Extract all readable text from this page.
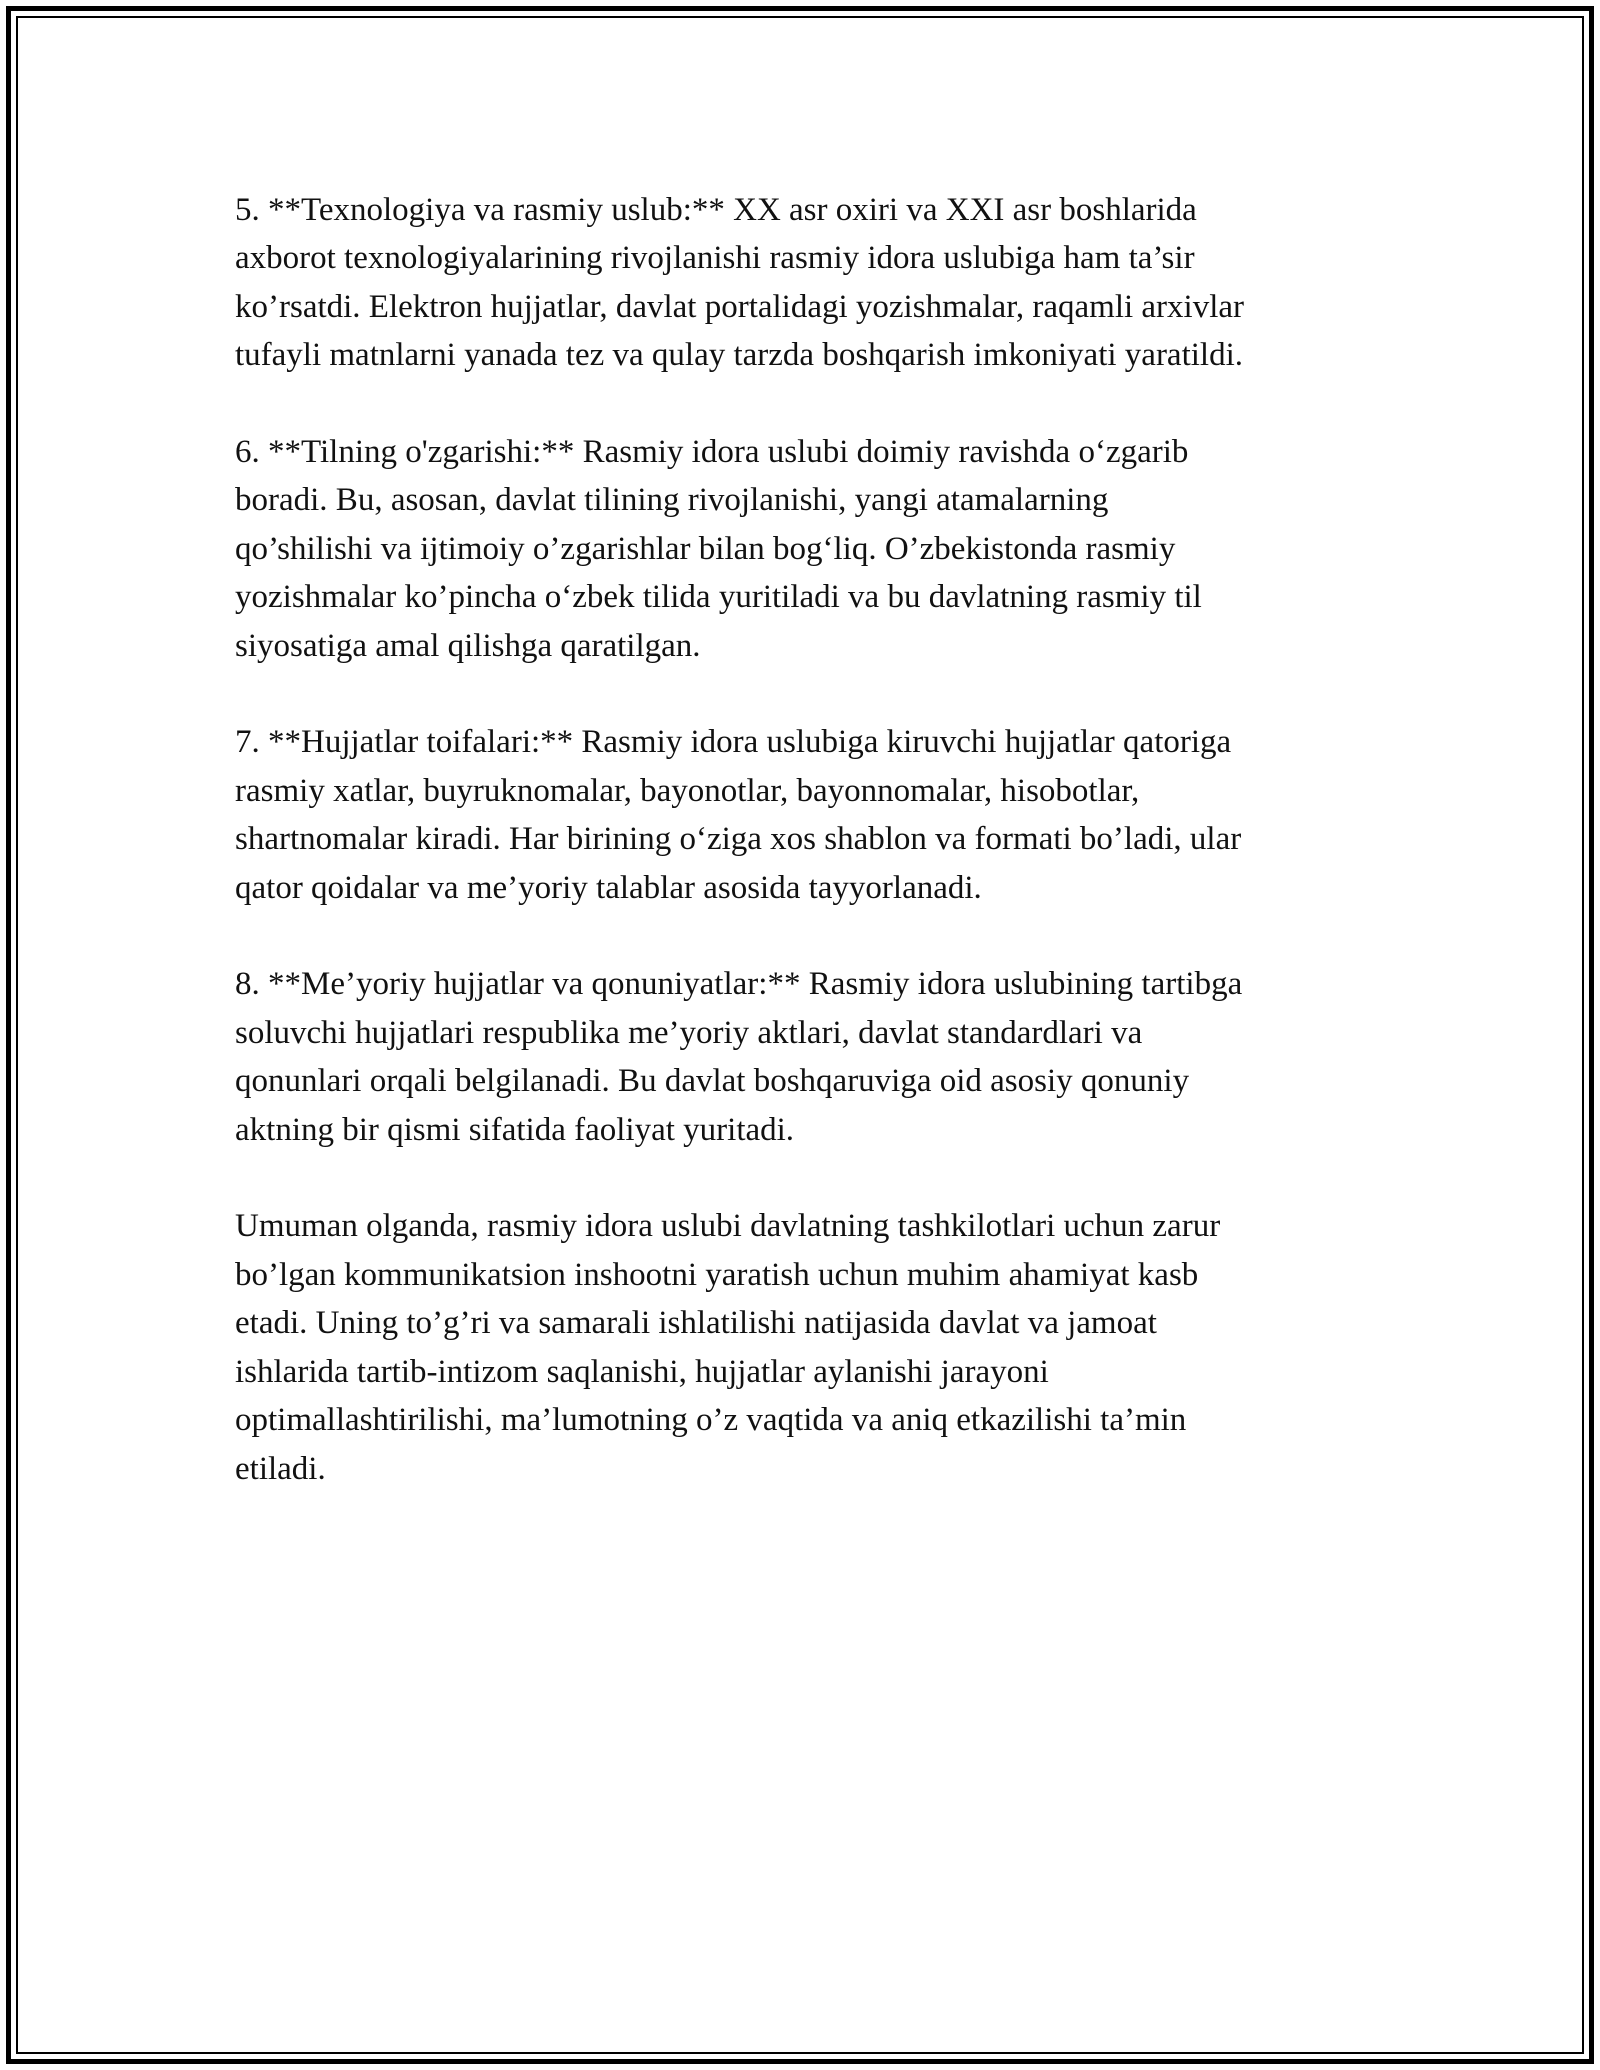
5. **Texnologiya va rasmiy uslub:** XX asr oxiri va XXI asr boshlarida
axborot texnologiyalarining rivojlanishi rasmiy idora uslubiga ham ta’sir
ko’rsatdi. Elektron hujjatlar, davlat portalidagi yozishmalar, raqamli arxivlar
tufayli matnlarni yanada tez va qulay tarzda boshqarish imkoniyati yaratildi.

6. **Tilning o'zgarishi:** Rasmiy idora uslubi doimiy ravishda o‘zgarib
boradi. Bu, asosan, davlat tilining rivojlanishi, yangi atamalarning
qo’shilishi va ijtimoiy o’zgarishlar bilan bog‘liq. O’zbekistonda rasmiy
yozishmalar ko’pincha o‘zbek tilida yuritiladi va bu davlatning rasmiy til
siyosatiga amal qilishga qaratilgan.

7. **Hujjatlar toifalari:** Rasmiy idora uslubiga kiruvchi hujjatlar qatoriga
rasmiy xatlar, buyruknomalar, bayonotlar, bayonnomalar, hisobotlar,
shartnomalar kiradi. Har birining o‘ziga xos shablon va formati bo’ladi, ular
qator qoidalar va me’yoriy talablar asosida tayyorlanadi.

8. **Me’yoriy hujjatlar va qonuniyatlar:** Rasmiy idora uslubining tartibga
soluvchi hujjatlari respublika me’yoriy aktlari, davlat standardlari va
qonunlari orqali belgilanadi. Bu davlat boshqaruviga oid asosiy qonuniy
aktning bir qismi sifatida faoliyat yuritadi.

Umuman olganda, rasmiy idora uslubi davlatning tashkilotlari uchun zarur
bo’lgan kommunikatsion inshootni yaratish uchun muhim ahamiyat kasb
etadi. Uning to’g’ri va samarali ishlatilishi natijasida davlat va jamoat
ishlarida tartib-intizom saqlanishi, hujjatlar aylanishi jarayoni
optimallashtirilishi, ma’lumotning o’z vaqtida va aniq etkazilishi ta’min
etiladi.
